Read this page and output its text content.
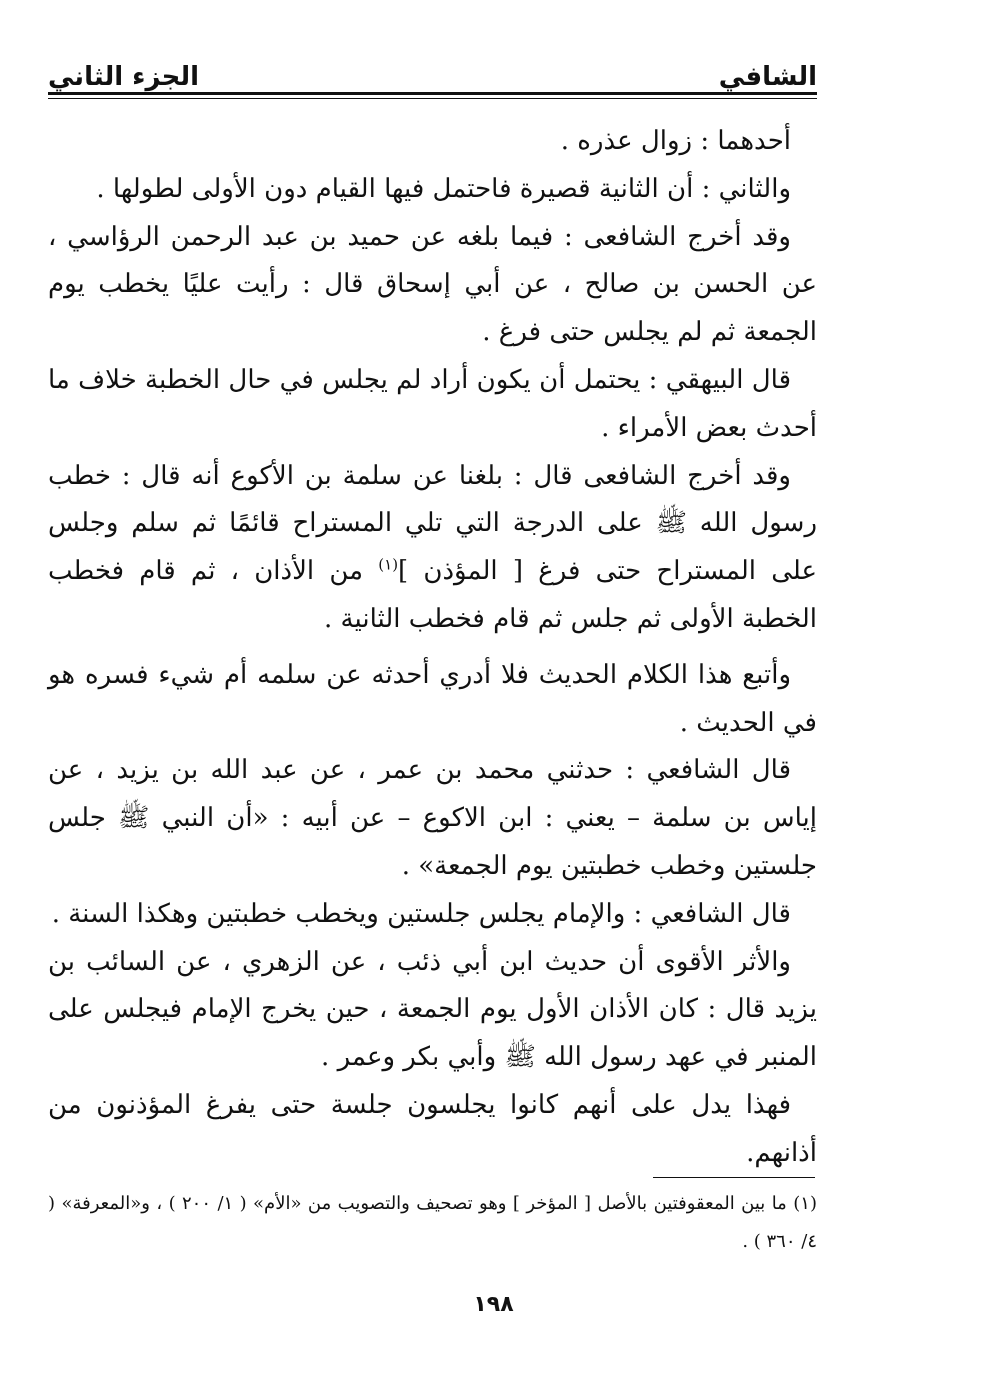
الشافي
الجزء الثاني

أحدهما : زوال عذره .

والثاني : أن الثانية قصيرة فاحتمل فيها القيام دون الأولى لطولها .

وقد أخرج الشافعى : فيما بلغه عن حميد بن عبد الرحمن الرؤاسي ، عن الحسن بن صالح ، عن أبي إسحاق قال : رأيت عليًا يخطب يوم الجمعة ثم لم يجلس حتى فرغ .

قال البيهقي : يحتمل أن يكون أراد لم يجلس في حال الخطبة خلاف ما أحدث بعض الأمراء .

وقد أخرج الشافعى قال : بلغنا عن سلمة بن الأكوع أنه قال : خطب رسول الله ﷺ على الدرجة التي تلي المستراح قائمًا ثم سلم وجلس على المستراح حتى فرغ [ المؤذن ]$^{(١)}$ من الأذان ، ثم قام فخطب الخطبة الأولى ثم جلس ثم قام فخطب الثانية .

وأتبع هذا الكلام الحديث فلا أدري أحدثه عن سلمه أم شيء فسره هو في الحديث .

قال الشافعي : حدثني محمد بن عمر ، عن عبد الله بن يزيد ، عن إياس بن سلمة – يعني : ابن الاكوع – عن أبيه : «أن النبي ﷺ جلس جلستين وخطب خطبتين يوم الجمعة» .

قال الشافعي : والإمام يجلس جلستين ويخطب خطبتين وهكذا السنة .

والأثر الأقوى أن حديث ابن أبي ذئب ، عن الزهري ، عن السائب بن يزيد قال : كان الأذان الأول يوم الجمعة ، حين يخرج الإمام فيجلس على المنبر في عهد رسول الله ﷺ وأبي بكر وعمر .

فهذا يدل على أنهم كانوا يجلسون جلسة حتى يفرغ المؤذنون من أذانهم.

(١) ما بين المعقوفتين بالأصل [ المؤخر ] وهو تصحيف والتصويب من «الأم» ( ١/ ٢٠٠ ) ، و«المعرفة» ( ٤/ ٣٦٠ ) .

١٩٨
